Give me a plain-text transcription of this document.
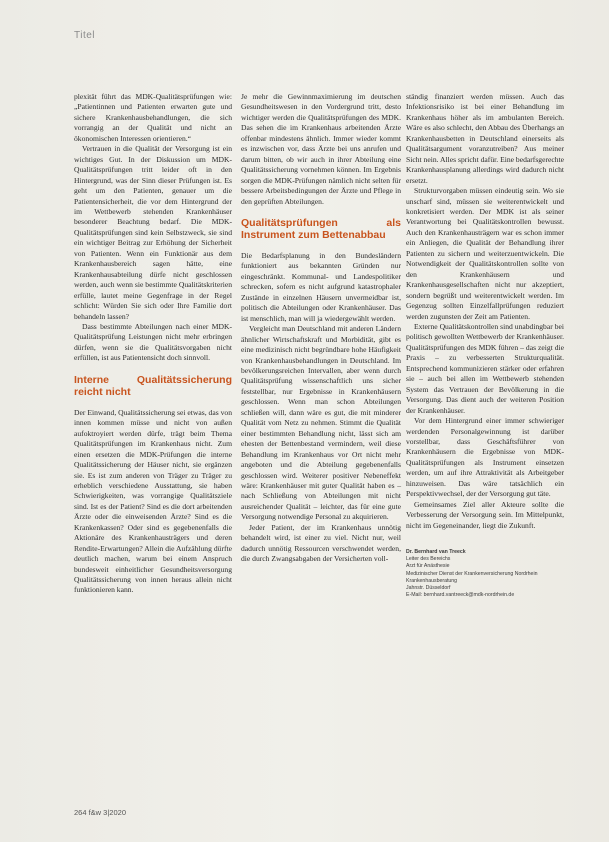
Titel

plexität führt das MDK-Qualitätsprüfungen wie: „Patientinnen und Patienten erwarten gute und sichere Krankenhausbehandlungen, die sich vorrangig an der Qualität und nicht an ökonomischen Interessen orientieren.“

Vertrauen in die Qualität der Versorgung ist ein wichtiges Gut. In der Diskussion um MDK-Qualitätsprüfungen tritt leider oft in den Hintergrund, was der Sinn dieser Prüfungen ist. Es geht um den Patienten, genauer um die Patientensicherheit, die vor dem Hintergrund der im Wettbewerb stehenden Krankenhäuser besonderer Beachtung bedarf. Die MDK-Qualitätsprüfungen sind kein Selbstzweck, sie sind ein wichtiger Beitrag zur Erhöhung der Sicherheit von Patienten. Wenn ein Funktionär aus dem Krankenhausbereich sagen hätte, eine Krankenhausabteilung dürfe nicht geschlossen werden, auch wenn sie bestimmte Qualitätskriterien erfülle, lautet meine Gegenfrage in der Regel schlicht: Würden Sie sich oder Ihre Familie dort behandeln lassen?

Dass bestimmte Abteilungen nach einer MDK-Qualitätsprüfung Leistungen nicht mehr erbringen dürfen, wenn sie die Qualitätsvorgaben nicht erfüllen, ist aus Patientensicht doch sinnvoll.

Interne Qualitätssicherung reicht nicht

Der Einwand, Qualitätssicherung sei etwas, das von innen kommen müsse und nicht von außen aufoktroyiert werden dürfe, trägt beim Thema Qualitätsprüfungen im Krankenhaus nicht. Zum einen ersetzen die MDK-Prüfungen die interne Qualitätssicherung der Häuser nicht, sie ergänzen sie. Es ist zum anderen von Träger zu Träger zu erheblich verschiedene Ausstattung, sie haben Schwierigkeiten, was vorrangige Qualitätsziele sind. Ist es der Patient? Sind es die dort arbeitenden Ärzte oder die einweisenden Ärzte? Sind es die Krankenkassen? Oder sind es gegebenenfalls die Aktionäre des Krankenhausträgers und deren Rendite-Erwartungen? Allein die Aufzählung dürfte deutlich machen, warum bei einem Anspruch bundesweit einheitlicher Gesundheitsversorgung Qualitätssicherung von innen heraus allein nicht funktionieren kann.

Je mehr die Gewinnmaximierung im deutschen Gesundheitswesen in den Vordergrund tritt, desto wichtiger werden die Qualitätsprüfungen des MDK. Das sehen die im Krankenhaus arbeitenden Ärzte offenbar mindestens ähnlich. Immer wieder kommt es inzwischen vor, dass Ärzte bei uns anrufen und darum bitten, ob wir auch in ihrer Abteilung eine Qualitätssicherung vornehmen können. Im Ergebnis sorgen die MDK-Prüfungen nämlich nicht selten für bessere Arbeitsbedingungen der Ärzte und Pflege in den geprüften Abteilungen.

Qualitätsprüfungen als Instrument zum Bettenabbau

Die Bedarfsplanung in den Bundesländern funktioniert aus bekannten Gründen nur eingeschränkt. Kommunal- und Landespolitiker schrecken, sofern es nicht aufgrund katastrophaler Zustände in einzelnen Häusern unvermeidbar ist, politisch die Abteilungen oder Krankenhäuser. Das ist menschlich, man will ja wiedergewählt werden.

Vergleicht man Deutschland mit anderen Ländern ähnlicher Wirtschaftskraft und Morbidität, gibt es eine medizinisch nicht begründbare hohe Häufigkeit von Krankenhausbehandlungen in Deutschland. Im bevölkerungsreichen Intervallen, aber wenn durch Qualitätsprüfung wissenschaftlich uns sicher feststellbar, nur Ergebnisse in Krankenhäusern geschlossen. Wenn man schon Abteilungen schließen will, dann wäre es gut, die mit minderer Qualität vom Netz zu nehmen. Stimmt die Qualität einer bestimmten Behandlung nicht, lässt sich am ehesten der Bettenbestand vermindern, weil diese Behandlung im Krankenhaus vor Ort nicht mehr angeboten und die Abteilung gegebenenfalls geschlossen wird. Weiterer positiver Nebeneffekt wäre: Krankenhäuser mit guter Qualität haben es – nach Schließung von Abteilungen mit nicht ausreichender Qualität – leichter, das für eine gute Versorgung notwendige Personal zu akquirieren.

Jeder Patient, der im Krankenhaus unnötig behandelt wird, ist einer zu viel. Nicht nur, weil dadurch unnötig Ressourcen verschwendet werden, die durch Zwangsabgaben der Versicherten voll-

ständig finanziert werden müssen. Auch das Infektionsrisiko ist bei einer Behandlung im Krankenhaus höher als im ambulanten Bereich. Wäre es also schlecht, den Abbau des Überhangs an Krankenhausbetten in Deutschland einerseits als Qualitätsargument voranzutreiben? Aus meiner Sicht nein. Alles spricht dafür. Eine bedarfsgerechte Krankenhausplanung allerdings wird dadurch nicht ersetzt.

Strukturvorgaben müssen eindeutig sein. Wo sie unscharf sind, müssen sie weiterentwickelt und konkretisiert werden. Der MDK ist als seiner Verantwortung bei Qualitätskontrollen bewusst. Auch den Krankenhausträgern war es schon immer ein Anliegen, die Qualität der Behandlung ihrer Patienten zu sichern und weiterzuentwickeln. Die Notwendigkeit der Qualitätskontrollen sollte von den Krankenhäusern und Krankenhausgesellschaften nicht nur akzeptiert, sondern begrüßt und weiterentwickelt werden. Im Gegenzug sollten Einzelfallprüfungen reduziert werden zugunsten der Zeit am Patienten.

Externe Qualitätskontrollen sind unabdingbar bei politisch gewollten Wettbewerb der Krankenhäuser. Qualitätsprüfungen des MDK führen – das zeigt die Praxis – zu verbesserten Strukturqualität. Entsprechend kommunizieren stärker oder erfahren sie – auch bei allen im Wettbewerb stehenden System das Vertrauen der Bevölkerung in die Versorgung. Das dient auch der weiteren Position der Krankenhäuser.

Vor dem Hintergrund einer immer schwieriger werdenden Personalgewinnung ist darüber vorstellbar, dass Geschäftsführer von Krankenhäusern die Ergebnisse von MDK-Qualitätsprüfungen als Instrument einsetzen werden, um auf ihre Attraktivität als Arbeitgeber hinzuweisen. Das wäre tatsächlich ein Perspektivwechsel, der der Versorgung gut täte.

Gemeinsames Ziel aller Akteure sollte die Verbesserung der Versorgung sein. Im Mittelpunkt, nicht im Gegeneinander, liegt die Zukunft.

Dr. Bernhard van Treeck
Leiter des Bereichs
Arzt für Anästhesie
Medizinischer Dienst der Krankenversicherung Nordrhein
Krankenhausberatung
Jahnstr. Düsseldorf
E-Mail: bernhard.vantreeck@mdk-nordrhein.de
264 f&w 3|2020
